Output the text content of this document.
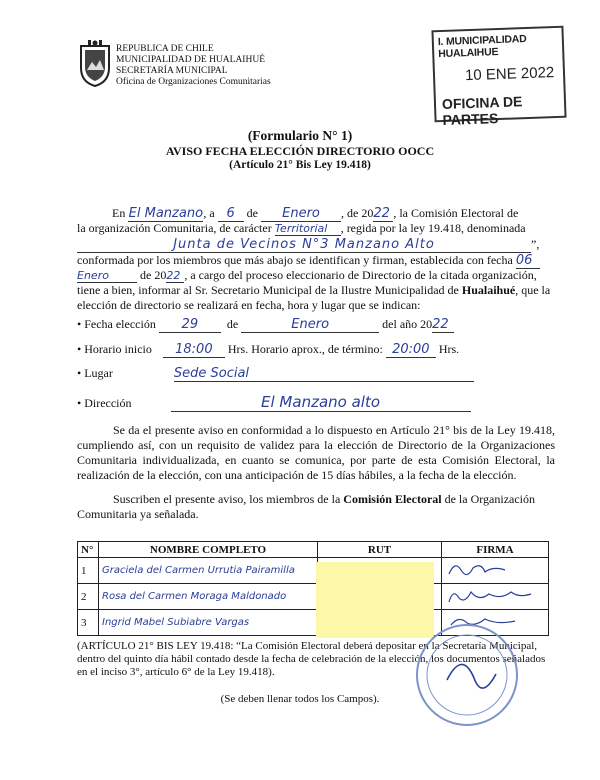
REPUBLICA DE CHILE
MUNICIPALIDAD DE HUALAIHUÉ
SECRETARÍA MUNICIPAL
Oficina de Organizaciones Comunitarias
I. MUNICIPALIDAD HUALAIHUE
10 ENE 2022
OFICINA DE PARTES
(Formulario N° 1)
AVISO FECHA ELECCIÓN DIRECTORIO OOCC
(Artículo 21° Bis Ley 19.418)
En El Manzano, a 6 de Enero , de 2022 , la Comisión Electoral de
la organización Comunitaria, de carácter Territorial , regida por la ley 19.418, denominada
Junta de Vecinos N°3 Manzano Alto	”,
conformada por los miembros que más abajo se identifican y firman, establecida con fecha 06
Enero	de 2022 , a cargo del proceso eleccionario de Directorio de la citada organización,
tiene a bien, informar al Sr. Secretario Municipal de la Ilustre Municipalidad de Hualaihué, que la
elección de directorio se realizará en fecha, hora y lugar que se indican:
• Fecha elección 29 de	Enero	del año 2022
• Horario inicio 18:00 Hrs. Horario aprox., de término: 20:00 Hrs.
• Lugar	Sede Social
• Dirección	El Manzano alto
Se da el presente aviso en conformidad a lo dispuesto en Artículo 21° bis de la Ley 19.418, cumpliendo así, con un requisito de validez para la elección de Directorio de la Organizaciones Comunitaria individualizada, en cuanto se comunica, por parte de esta Comisión Electoral, la realización de la elección, con una anticipación de 15 días hábiles, a la fecha de la elección.
Suscriben el presente aviso, los miembros de la Comisión Electoral de la Organización Comunitaria ya señalada.
N°	NOMBRE COMPLETO	RUT	FIRMA
1	Graciela del Carmen Urrutia Pairamilla		
2	Rosa del Carmen Moraga Maldonado		
3	Ingrid Mabel Subiabre Vargas		
(ARTÍCULO 21° BIS LEY 19.418: “La Comisión Electoral deberá depositar en la Secretaría Municipal, dentro del quinto día hábil contado desde la fecha de celebración de la elección, los documentos señalados en el inciso 3°, artículo 6° de la Ley 19.418).
(Se deben llenar todos los Campos).
